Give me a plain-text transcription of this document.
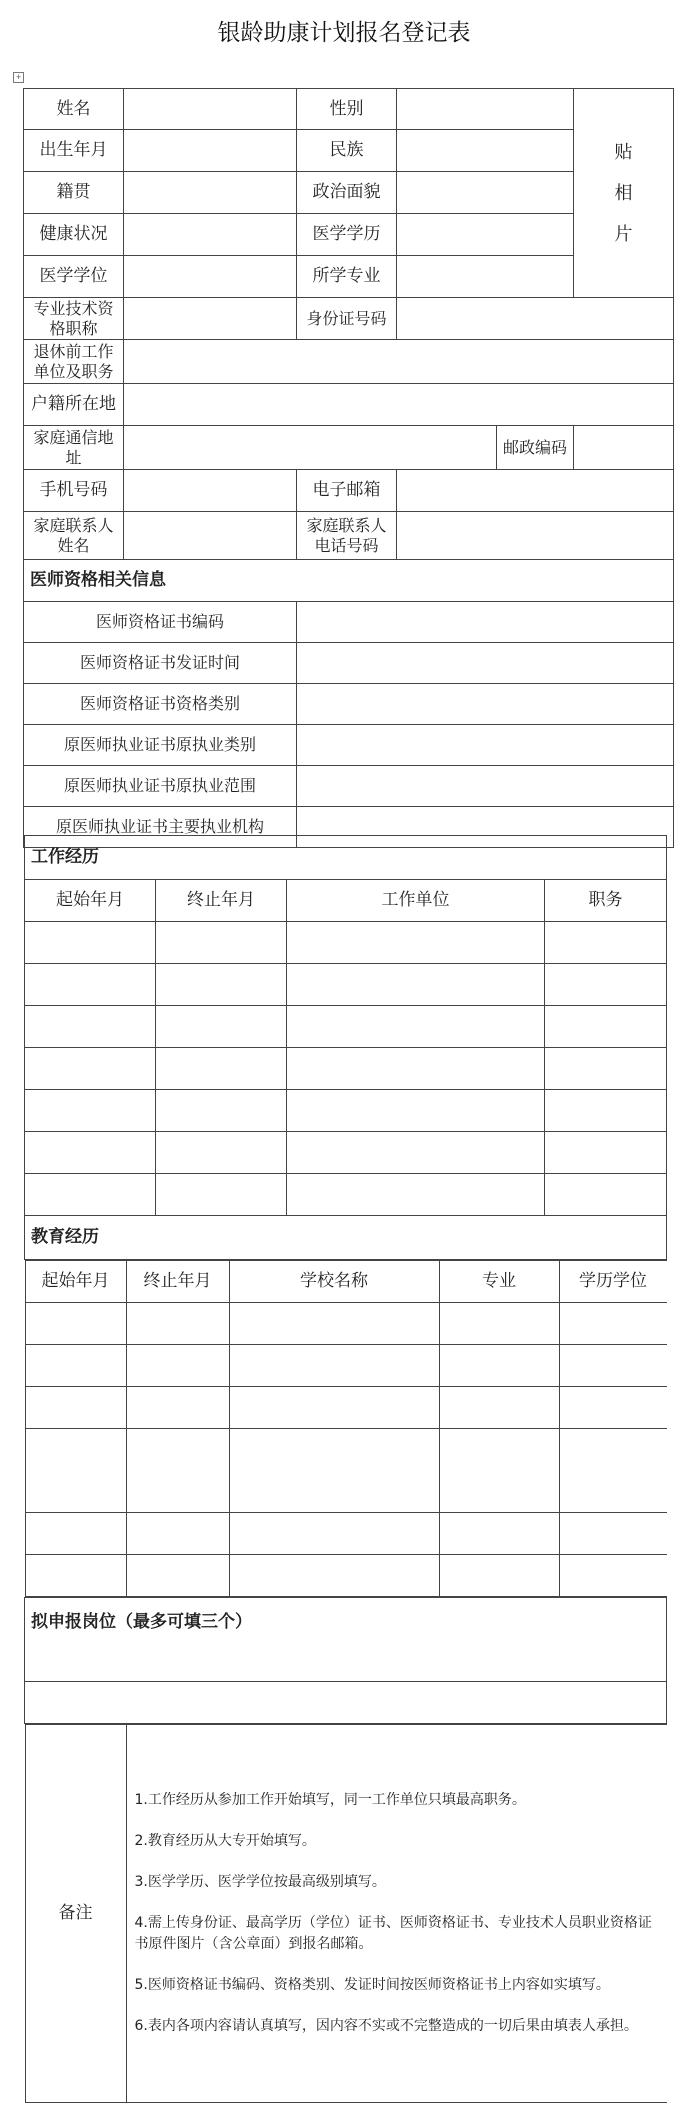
银龄助康计划报名登记表
+
姓名		性别			贴
相
片

出生年月		民族			
籍贯		政治面貌			
健康状况		医学学历			
医学学位		所学专业			
专业技术资格职称		身份证号码			
退休前工作单位及职务					
户籍所在地					
家庭通信地址				邮政编码	
手机号码		电子邮箱			
家庭联系人姓名		家庭联系人电话号码			
医师资格相关信息					
医师资格证书编码					
医师资格证书发证时间					
医师资格证书资格类别					
原医师执业证书原执业类别					
原医师执业证书原执业范围					
原医师执业证书主要执业机构					
工作经历
起始年月	终止年月	工作单位	职务

教育经历

起始年月	终止年月	学校名称	专业	学历学位

拟申报岗位（最多可填三个）

备注	
1.工作经历从参加工作开始填写，同一工作单位只填最高职务。
2.教育经历从大专开始填写。
3.医学学历、医学学位按最高级别填写。
4.需上传身份证、最高学历（学位）证书、医师资格证书、专业技术人员职业资格证书原件图片（含公章面）到报名邮箱。
5.医师资格证书编码、资格类别、发证时间按医师资格证书上内容如实填写。
6.表内各项内容请认真填写，因内容不实或不完整造成的一切后果由填表人承担。
